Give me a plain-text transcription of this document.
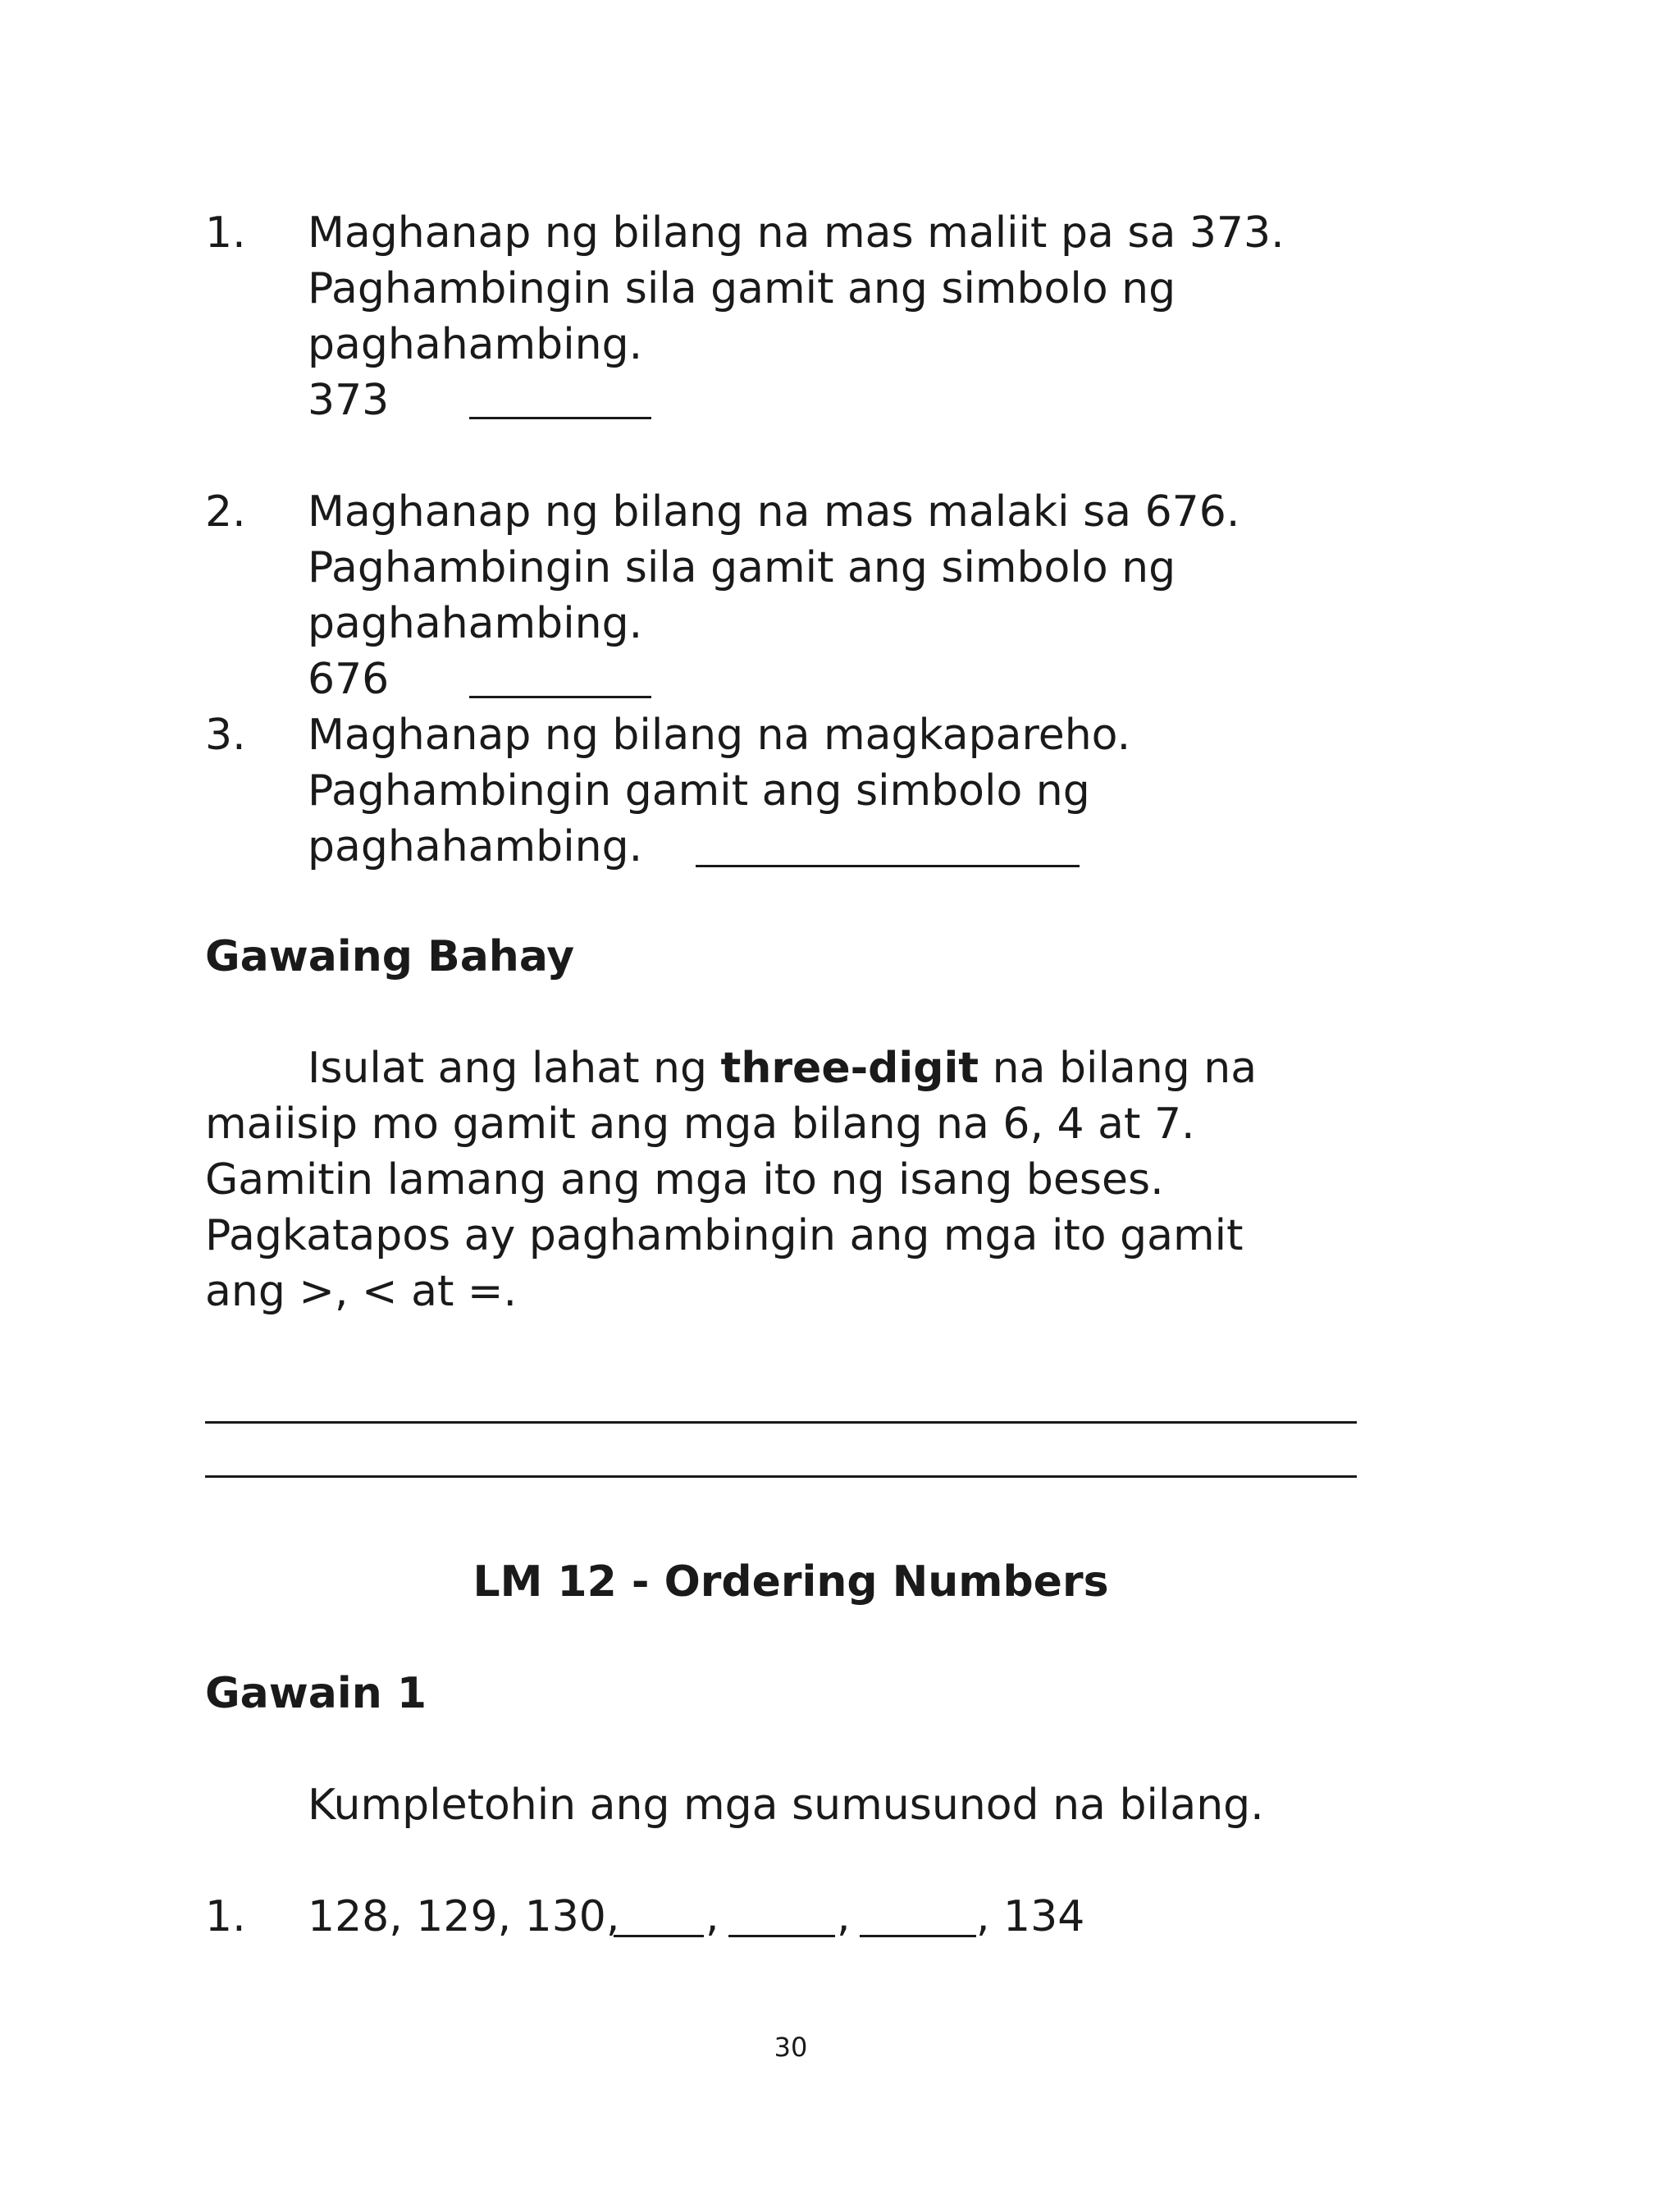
1. Maghanap ng bilang na mas maliit pa sa 373.
Paghambingin sila gamit ang simbolo ng
paghahambing.
373
2. Maghanap ng bilang na mas malaki sa 676.
Paghambingin sila gamit ang simbolo ng
paghahambing.
676
3. Maghanap ng bilang na magkapareho.
Paghambingin gamit ang simbolo ng
paghahambing.
Gawaing Bahay
Isulat ang lahat ng three-digit na bilang na
maiisip mo gamit ang mga bilang na 6, 4 at 7.
Gamitin lamang ang mga ito ng isang beses.
Pagkatapos ay paghambingin ang mga ito gamit
ang >, < at =.
LM 12 - Ordering Numbers
Gawain 1
Kumpletohin ang mga sumusunod na bilang.
1. 128, 129, 130, ,	,	, 134
30
